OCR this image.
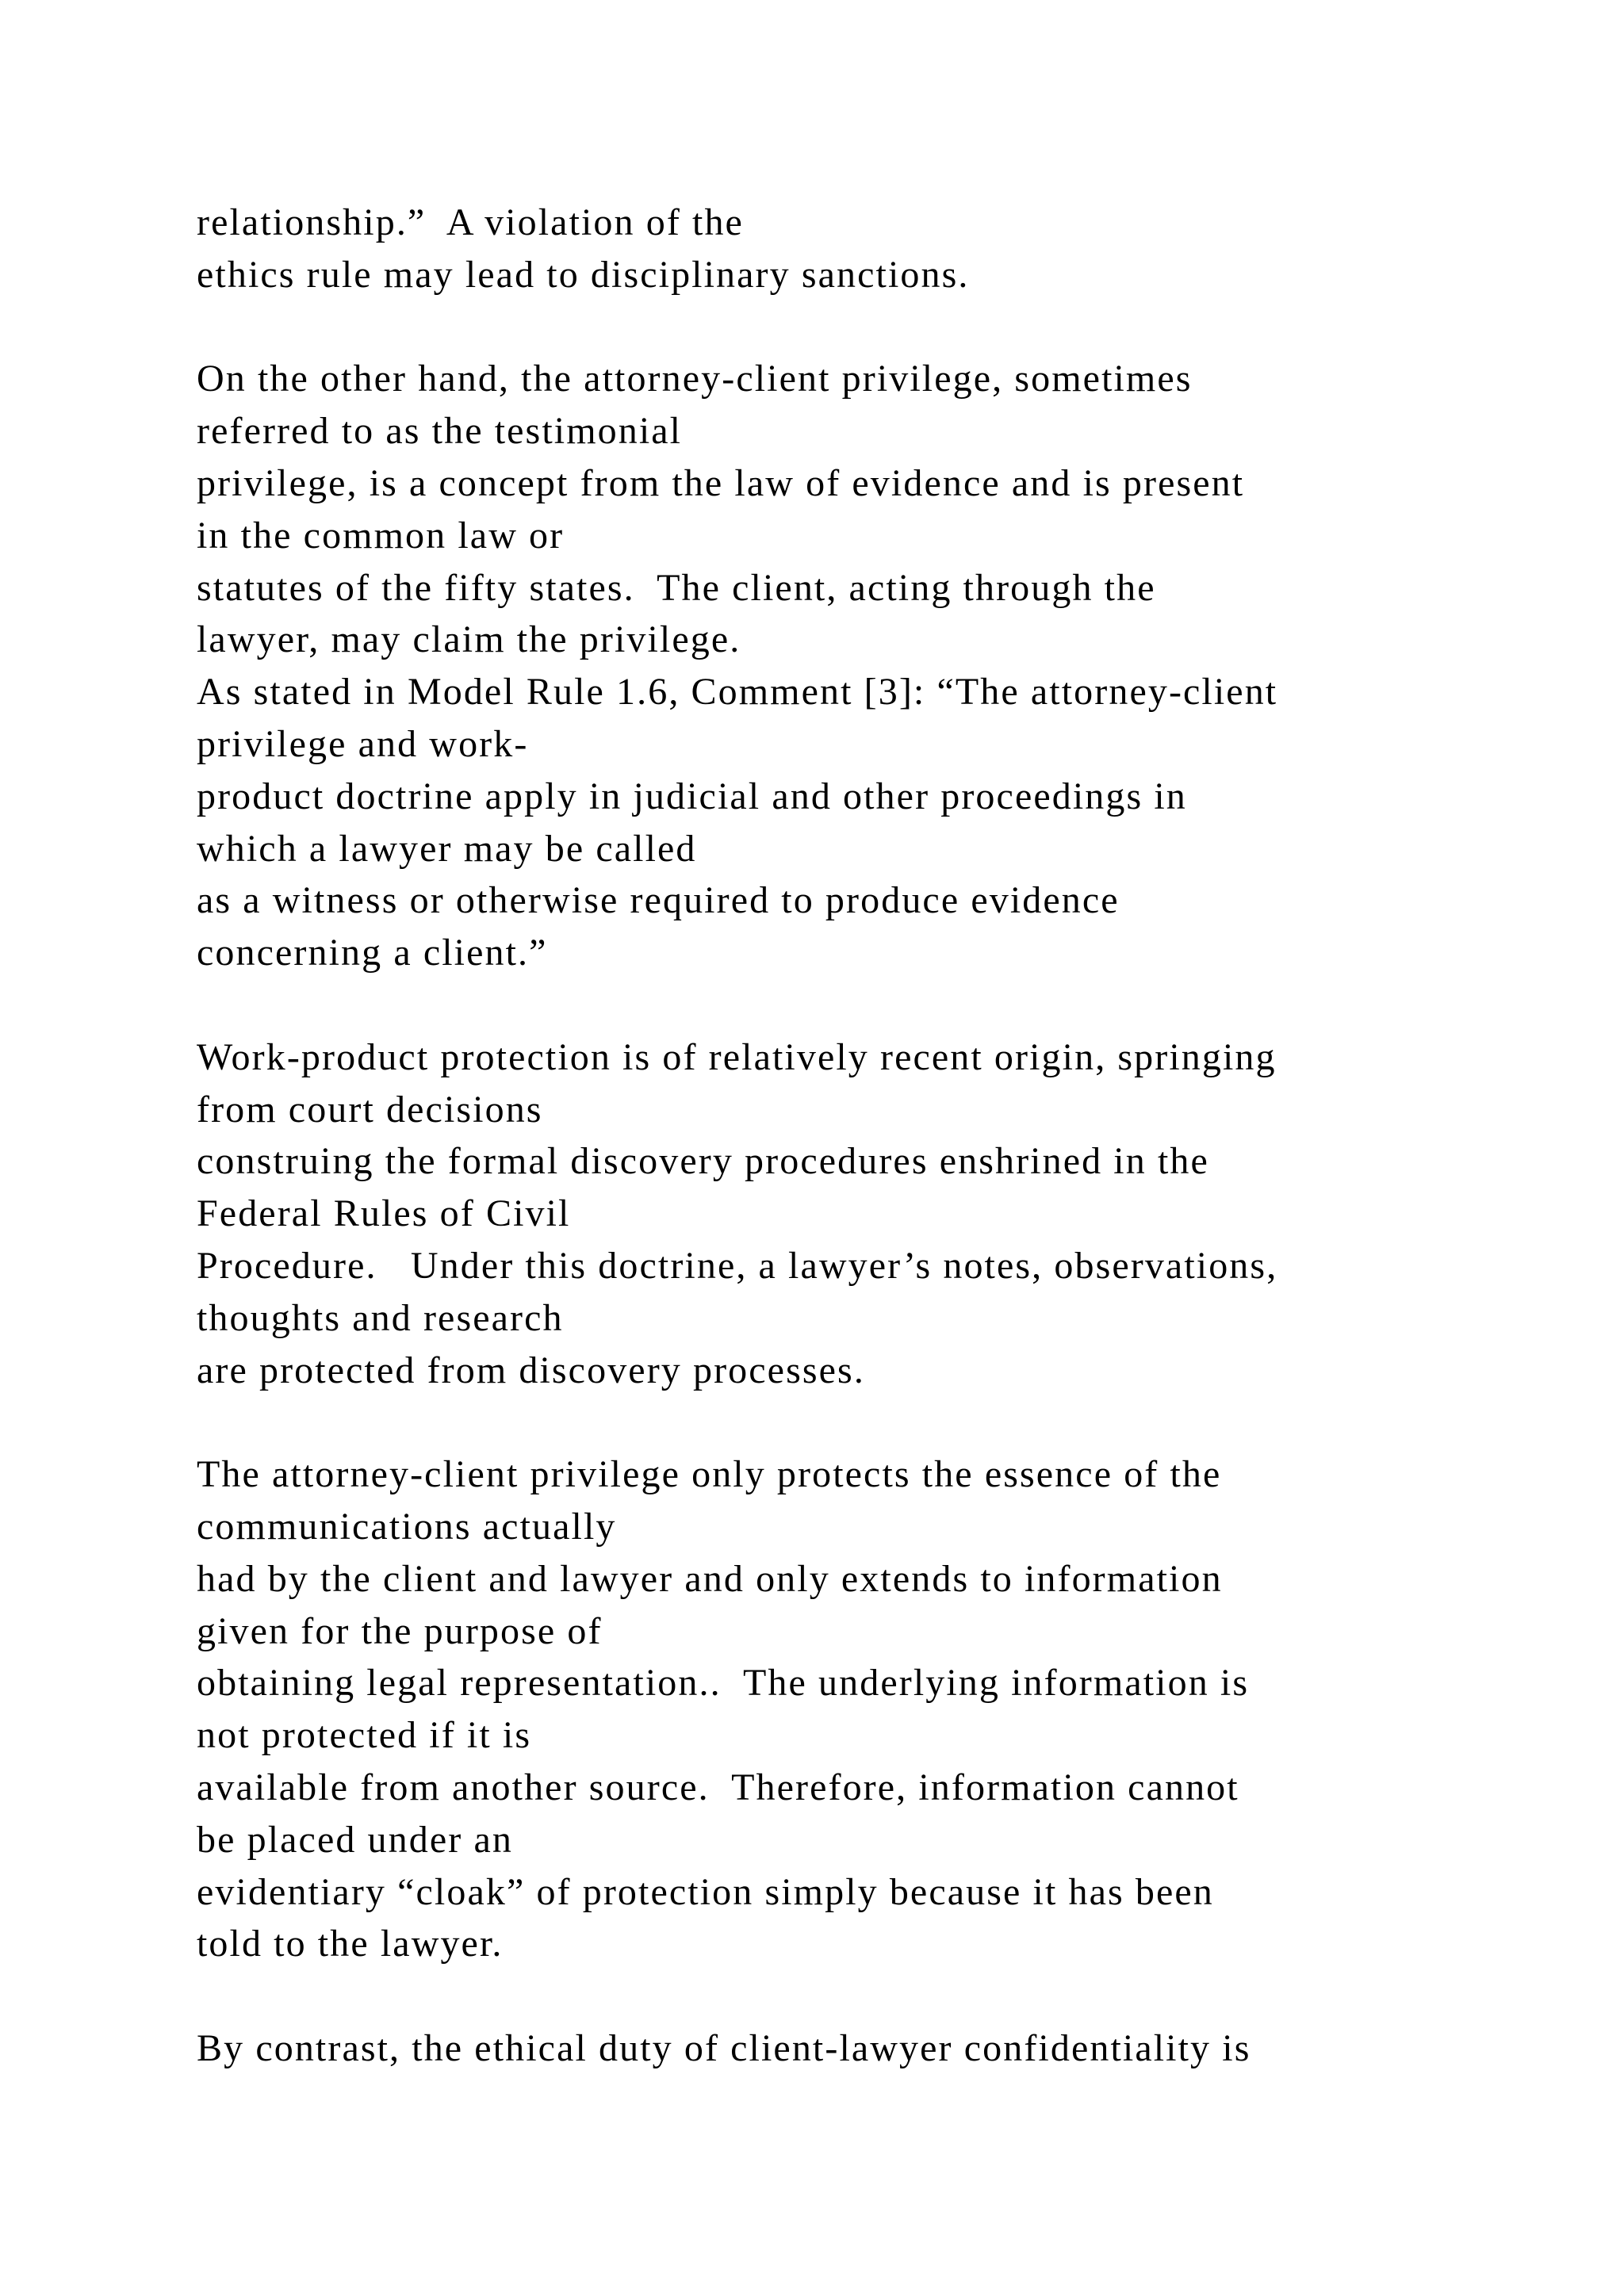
relationship.”  A violation of the
ethics rule may lead to disciplinary sanctions.
On the other hand, the attorney-client privilege, sometimes
referred to as the testimonial
privilege, is a concept from the law of evidence and is present
in the common law or
statutes of the fifty states.  The client, acting through the
lawyer, may claim the privilege.
As stated in Model Rule 1.6, Comment [3]: “The attorney-client
privilege and work-
product doctrine apply in judicial and other proceedings in
which a lawyer may be called
as a witness or otherwise required to produce evidence
concerning a client.”
Work-product protection is of relatively recent origin, springing
from court decisions
construing the formal discovery procedures enshrined in the
Federal Rules of Civil
Procedure.   Under this doctrine, a lawyer’s notes, observations,
thoughts and research
are protected from discovery processes.
The attorney-client privilege only protects the essence of the
communications actually
had by the client and lawyer and only extends to information
given for the purpose of
obtaining legal representation..  The underlying information is
not protected if it is
available from another source.  Therefore, information cannot
be placed under an
evidentiary “cloak” of protection simply because it has been
told to the lawyer.
By contrast, the ethical duty of client-lawyer confidentiality is
